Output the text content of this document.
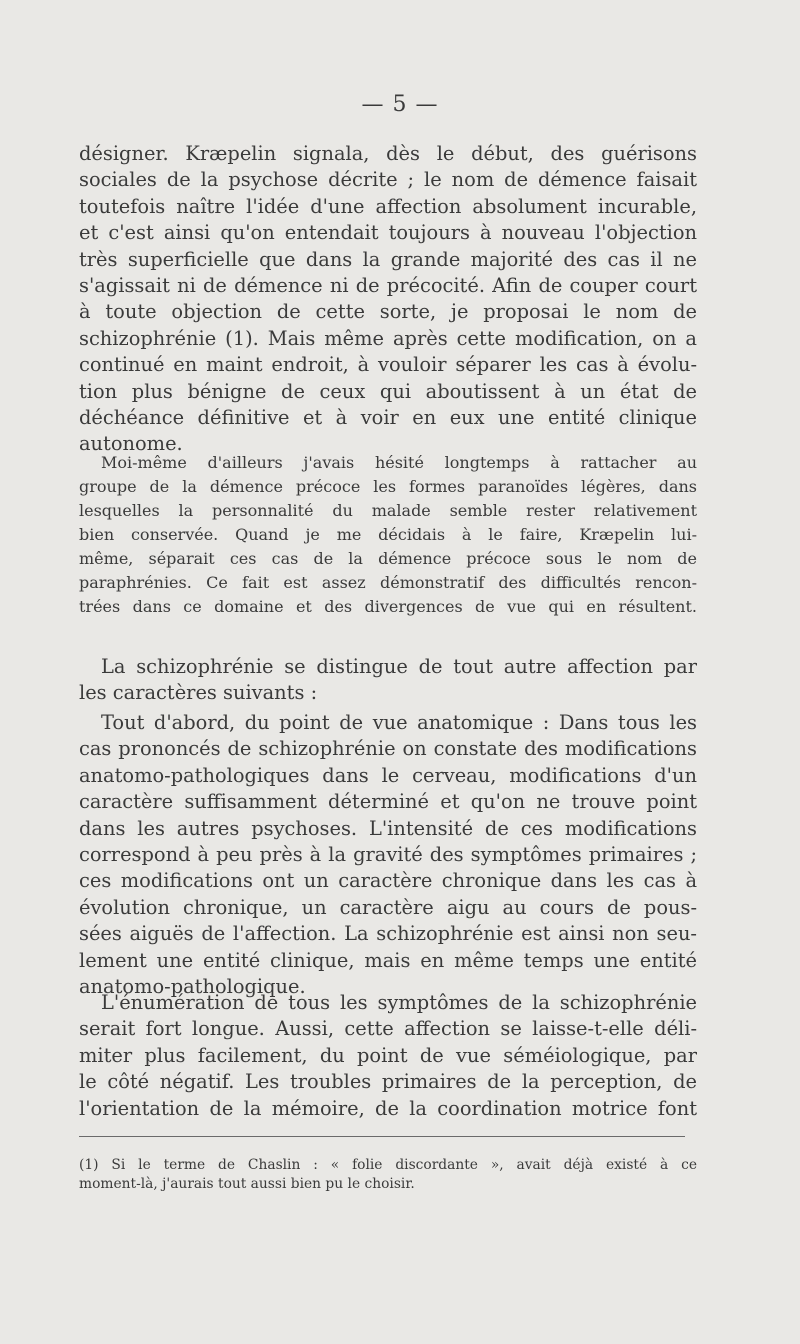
— 5 —
désigner. Kræpelin signala, dès le début, des guérisons
sociales de la psychose décrite ; le nom de démence faisait
toutefois naître l'idée d'une affection absolument incurable,
et c'est ainsi qu'on entendait toujours à nouveau l'objection
très superficielle que dans la grande majorité des cas il ne
s'agissait ni de démence ni de précocité. Afin de couper court
à toute objection de cette sorte, je proposai le nom de
schizophrénie (1). Mais même après cette modification, on a
continué en maint endroit, à vouloir séparer les cas à évolu-
tion plus bénigne de ceux qui aboutissent à un état de
déchéance définitive et à voir en eux une entité clinique
autonome.
Moi-même d'ailleurs j'avais hésité longtemps à rattacher au
groupe de la démence précoce les formes paranoïdes légères, dans
lesquelles la personnalité du malade semble rester relativement
bien conservée. Quand je me décidais à le faire, Kræpelin lui-
même, séparait ces cas de la démence précoce sous le nom de
paraphrénies. Ce fait est assez démonstratif des difficultés rencon-
trées dans ce domaine et des divergences de vue qui en résultent.
La schizophrénie se distingue de tout autre affection par
les caractères suivants :
Tout d'abord, du point de vue anatomique : Dans tous les
cas prononcés de schizophrénie on constate des modifications
anatomo-pathologiques dans le cerveau, modifications d'un
caractère suffisamment déterminé et qu'on ne trouve point
dans les autres psychoses. L'intensité de ces modifications
correspond à peu près à la gravité des symptômes primaires ;
ces modifications ont un caractère chronique dans les cas à
évolution chronique, un caractère aigu au cours de pous-
sées aiguës de l'affection. La schizophrénie est ainsi non seu-
lement une entité clinique, mais en même temps une entité
anatomo-pathologique.
L'énumération de tous les symptômes de la schizophrénie
serait fort longue. Aussi, cette affection se laisse-t-elle déli-
miter plus facilement, du point de vue séméiologique, par
le côté négatif. Les troubles primaires de la perception, de
l'orientation de la mémoire, de la coordination motrice font
(1) Si le terme de Chaslin : « folie discordante », avait déjà existé à ce
moment-là, j'aurais tout aussi bien pu le choisir.
